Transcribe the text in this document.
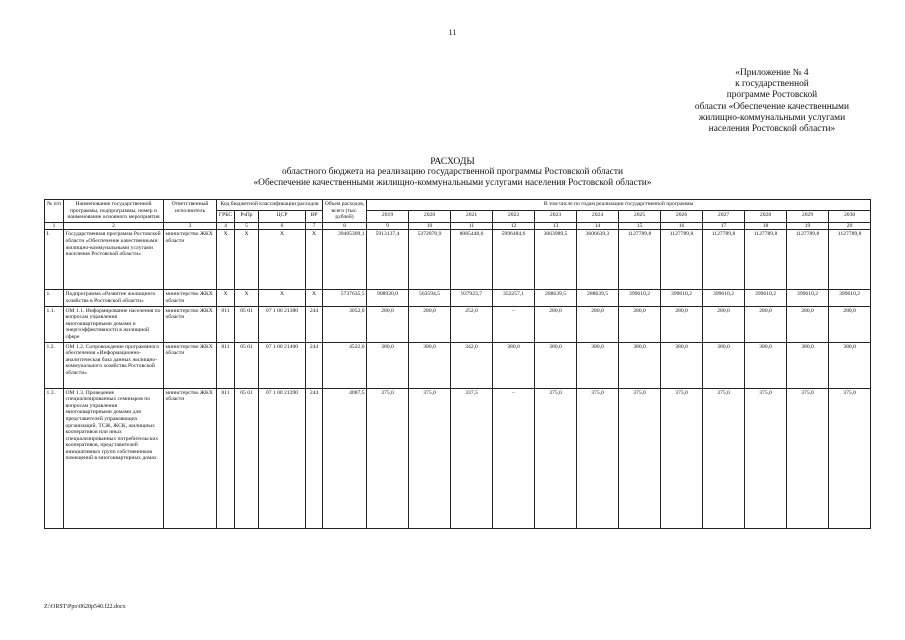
11
«Приложение № 4
к государственной
программе Ростовской
области «Обеспечение качественными
жилищно-коммунальными услугами
населения Ростовской области»
РАСХОДЫ
областного бюджета на реализацию государственной программы Ростовской области
«Обеспечение качественными жилищно-коммунальными услугами населения Ростовской области»
№ п/п	Наименование государственной программы, подпрограммы, номер и наименование основного мероприятия	Ответственный исполнитель	Код бюджетной классификации расходов				Объем расходов, всего (тыс. рублей)	В том числе по годам реализации государственной программы											
			ГРБС	РзПр	ЦСР	ВР		2019	2020	2021	2022	2023	2024	2025	2026	2027	2028	2029	2030
1	2	3	4	5	6	7	8	9	10	11	12	13	14	15	16	17	18	19	20
I.	Государственная программа Ростовской области «Обеспечение качественными жилищно-коммунальными услугами населения Ростовской области»	министерство ЖКХ области	X	X	X	X	39405309,1	5913137,4	5372870,9	8085448,6	5996484,6	3663989,5	3606639,3	1127789,8	1127789,8	1127789,8	1127789,8	1127789,8	1127789,8
1.	Подпрограмма «Развитие жилищного хозяйства в Ростовской области»	министерство ЖКХ области	X	X	X	X	5737635,5	908920,0	563594,5	937923,7	352257,1	288639,5	288639,5	399610,2	399610,2	399610,2	399610,2	399610,2	399610,2
1.1.	ОМ 1.1. Информирование населения по вопросам управления многоквартирными домами и энергоэффективности в жилищной сфере	министерство ЖКХ области	811	05 01	07 1 00 21380	244	3052,0	280,0	280,0	252,0	–	280,0	280,0	280,0	280,0	280,0	280,0	280,0	280,0
1.2.	ОМ 1.2. Сопровождение программного обеспечения «Информационно-аналитическая база данных жилищно-коммунального хозяйства Ростовской области»	министерство ЖКХ области	811	05 01	07 1 00 21400	244	4522,0	380,0	380,0	342,0	380,0	380,0	380,0	380,0	380,0	380,0	380,0	380,0	380,0
1.3.	ОМ 1.3. Проведение специализированных семинаров по вопросам управления многоквартирными домами для представителей управляющих организаций, ТСЖ, ЖСК, жилищных кооперативов или иных специализированных потребительских кооперативов, представителей инициативных групп собственников помещений в многоквартирных домах	министерство ЖКХ области	811	05 01	07 1 00 21390	244	4087,5	375,0	375,0	337,5	–	375,0	375,0	375,0	375,0	375,0	375,0	375,0	375,0
Z:\ORST\Ppo\0620p540.f22.docx
